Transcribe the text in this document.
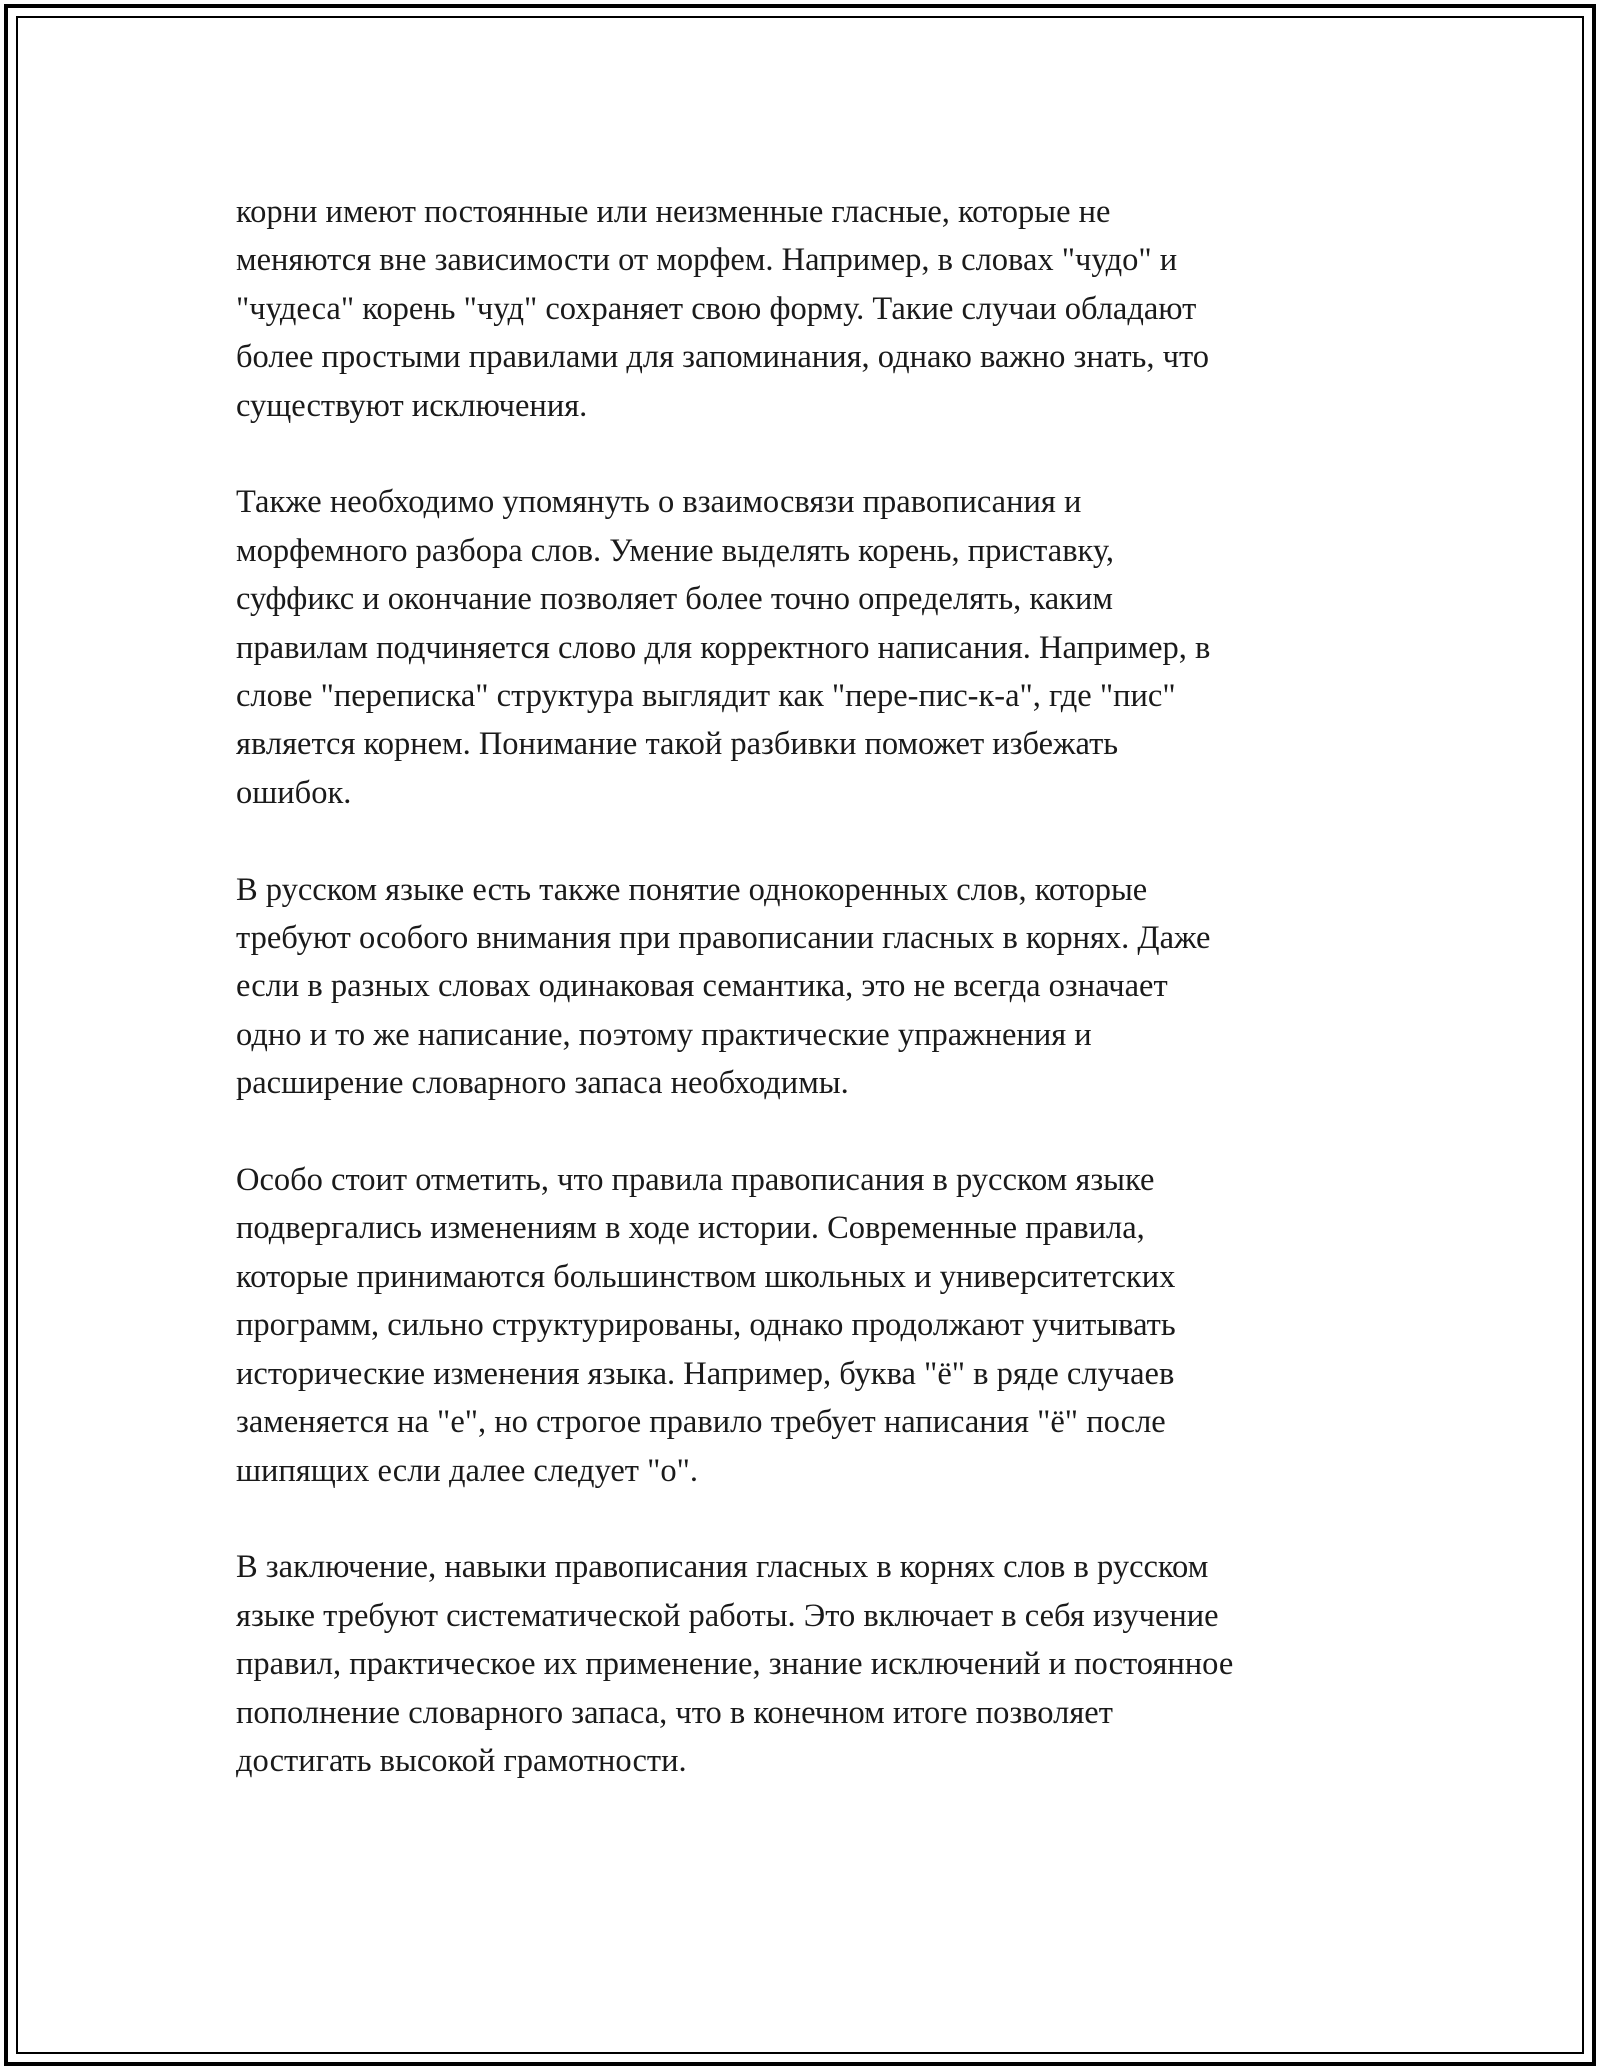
корни имеют постоянные или неизменные гласные, которые не
меняются вне зависимости от морфем. Например, в словах "чудо" и
"чудеса" корень "чуд" сохраняет свою форму. Такие случаи обладают
более простыми правилами для запоминания, однако важно знать, что
существуют исключения.

Также необходимо упомянуть о взаимосвязи правописания и
морфемного разбора слов. Умение выделять корень, приставку,
суффикс и окончание позволяет более точно определять, каким
правилам подчиняется слово для корректного написания. Например, в
слове "переписка" структура выглядит как "пере-пис-к-а", где "пис"
является корнем. Понимание такой разбивки поможет избежать
ошибок.

В русском языке есть также понятие однокоренных слов, которые
требуют особого внимания при правописании гласных в корнях. Даже
если в разных словах одинаковая семантика, это не всегда означает
одно и то же написание, поэтому практические упражнения и
расширение словарного запаса необходимы.

Особо стоит отметить, что правила правописания в русском языке
подвергались изменениям в ходе истории. Современные правила,
которые принимаются большинством школьных и университетских
программ, сильно структурированы, однако продолжают учитывать
исторические изменения языка. Например, буква "ё" в ряде случаев
заменяется на "е", но строгое правило требует написания "ё" после
шипящих если далее следует "о".

В заключение, навыки правописания гласных в корнях слов в русском
языке требуют систематической работы. Это включает в себя изучение
правил, практическое их применение, знание исключений и постоянное
пополнение словарного запаса, что в конечном итоге позволяет
достигать высокой грамотности.
